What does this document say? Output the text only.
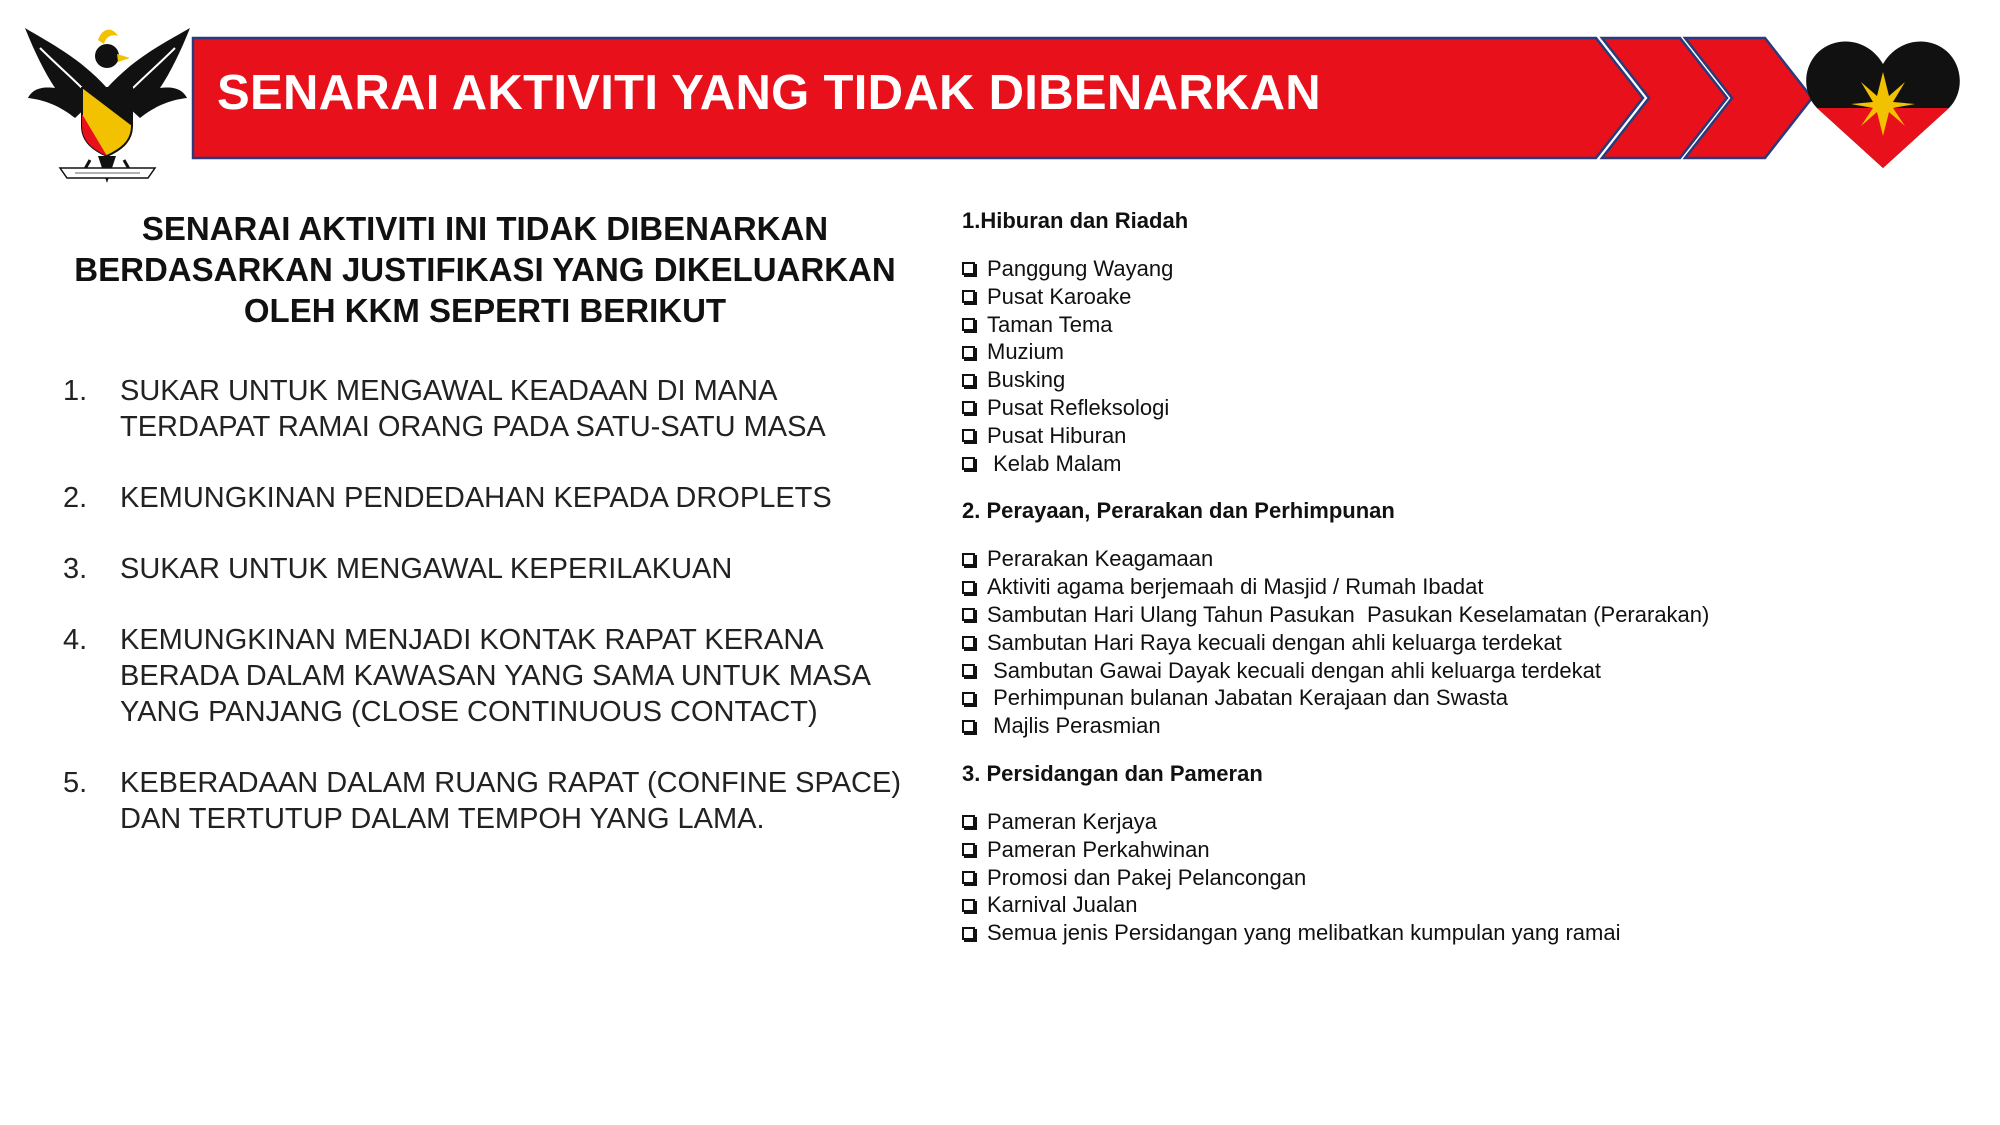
SENARAI AKTIVITI YANG TIDAK DIBENARKAN
SENARAI AKTIVITI INI TIDAK DIBENARKAN BERDASARKAN JUSTIFIKASI YANG DIKELUARKAN OLEH KKM SEPERTI BERIKUT
1.	SUKAR UNTUK MENGAWAL KEADAAN DI MANA TERDAPAT RAMAI ORANG PADA SATU-SATU MASA
2.	KEMUNGKINAN PENDEDAHAN KEPADA DROPLETS
3.	SUKAR UNTUK MENGAWAL KEPERILAKUAN
4.	KEMUNGKINAN MENJADI KONTAK RAPAT KERANA BERADA DALAM KAWASAN YANG SAMA UNTUK MASA YANG PANJANG (CLOSE CONTINUOUS CONTACT)
5.	KEBERADAAN DALAM RUANG RAPAT (CONFINE SPACE) DAN TERTUTUP DALAM TEMPOH YANG LAMA.
1.Hiburan dan Riadah
Panggung Wayang
Pusat Karoake
Taman Tema
Muzium
Busking
Pusat Refleksologi
Pusat Hiburan
Kelab Malam
2. Perayaan, Perarakan dan Perhimpunan
Perarakan Keagamaan
Aktiviti agama berjemaah di Masjid / Rumah Ibadat
Sambutan Hari Ulang Tahun Pasukan  Pasukan Keselamatan (Perarakan)
Sambutan Hari Raya kecuali dengan ahli keluarga terdekat
Sambutan Gawai Dayak kecuali dengan ahli keluarga terdekat
Perhimpunan bulanan Jabatan Kerajaan dan Swasta
Majlis Perasmian
3. Persidangan dan Pameran
Pameran Kerjaya
Pameran Perkahwinan
Promosi dan Pakej Pelancongan
Karnival Jualan
Semua jenis Persidangan yang melibatkan kumpulan yang ramai
